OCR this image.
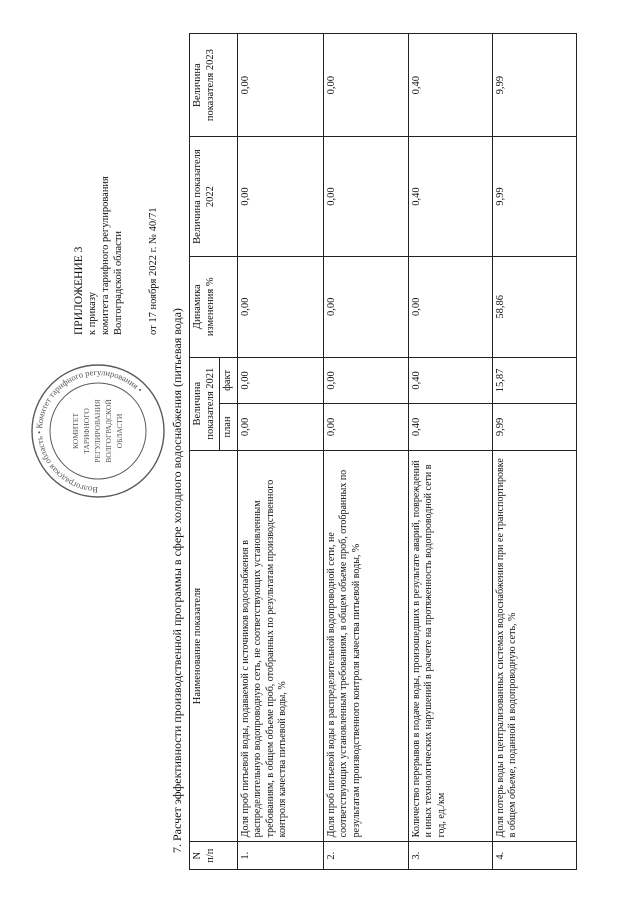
Волгоградская область • Комитет тарифного регулирования •
КОМИТЕТ ТАРИФНОГО РЕГУЛИРОВАНИЯ ВОЛГОГРАДСКОЙ ОБЛАСТИ
ПРИЛОЖЕНИЕ 3 к приказу комитета тарифного регулирования Волгоградской области от 17 ноября 2022 г. № 40/71
7. Расчет эффективности производственной программы в сфере холодного водоснабжения (питьевая вода)
N п/п	Наименование показателя	Величина показателя 2021		Динамика изменения %	Величина показателя 2022	Величина показателя 2023
		план	факт			
1.	Доля проб питьевой воды, подаваемой с источников водоснабжения в распределительную водопроводную сеть, не соответствующих установленным требованиям, в общем объеме проб, отобранных по результатам производственного контроля качества питьевой воды, %	0,00	0,00	0,00	0,00	0,00
2.	Доля проб питьевой воды в распределительной водопроводной сети, не соответствующих установленным требованиям, в общем объеме проб, отобранных по результатам производственного контроля качества питьевой воды, %	0,00	0,00	0,00	0,00	0,00
3.	Количество перерывов в подаче воды, произошедших в результате аварий, повреждений и иных технологических нарушений в расчете на протяженность водопроводной сети в год, ед./км	0,40	0,40	0,00	0,40	0,40
4.	Доля потерь воды в централизованных системах водоснабжения при ее транспортировке в общем объеме, поданной в водопроводную сеть, %	9,99	15,87	58,86	9,99	9,99
